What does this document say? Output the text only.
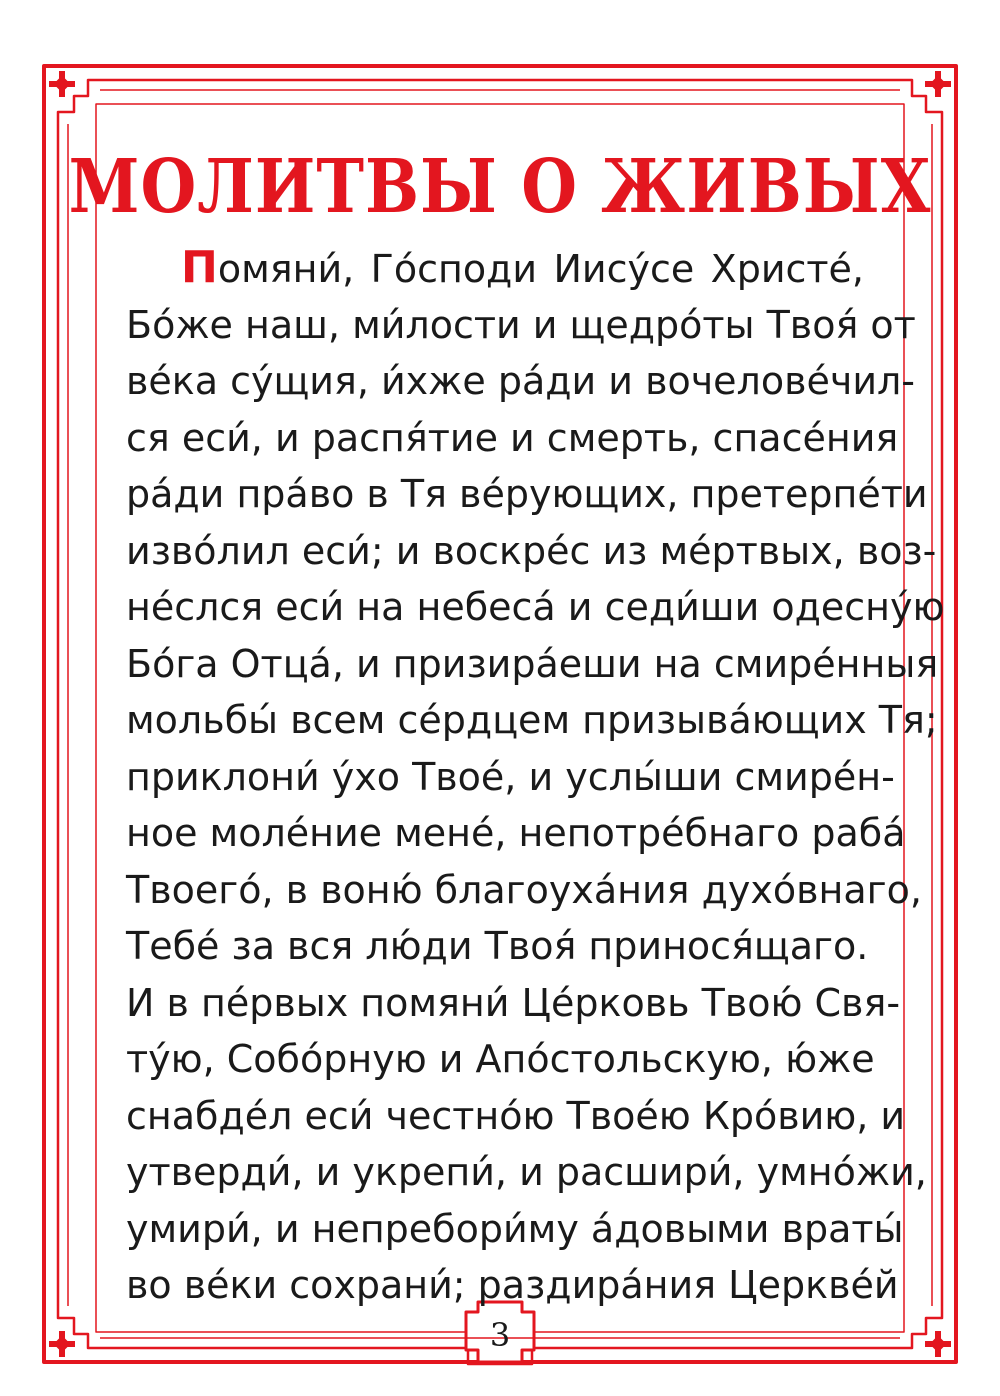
МОЛИТВЫ О ЖИВЫХ
Помяни́, Го́споди Иису́се Христе́,
Бо́же наш, ми́лости и щедро́ты Твоя́ от
ве́ка су́щия, и́хже ра́ди и вочелове́чил-
ся еси́, и распя́тие и смерть, спасе́ния
ра́ди пра́во в Тя ве́рующих, претерпе́ти
изво́лил еси́; и воскре́с из ме́ртвых, воз-
не́слся еси́ на небеса́ и седи́ши одесну́ю
Бо́га Отца́, и призира́еши на смире́нныя
мольбы́ всем се́рдцем призыва́ющих Тя;
приклони́ у́хо Твое́, и услы́ши смире́н-
ное моле́ние мене́, непотре́бнаго раба́
Твоего́, в воню́ благоуха́ния духо́внаго,
Тебе́ за вся лю́ди Твоя́ принося́щаго.
И в пе́рвых помяни́ Це́рковь Твою́ Свя-
ту́ю, Собо́рную и Апо́стольскую, ю́же
снабде́л еси́ честно́ю Твое́ю Кро́вию, и
утверди́, и укрепи́, и расшири́, умно́жи,
умири́, и непребори́му а́довыми враты́
во ве́ки сохрани́; раздира́ния Церкве́й
3
